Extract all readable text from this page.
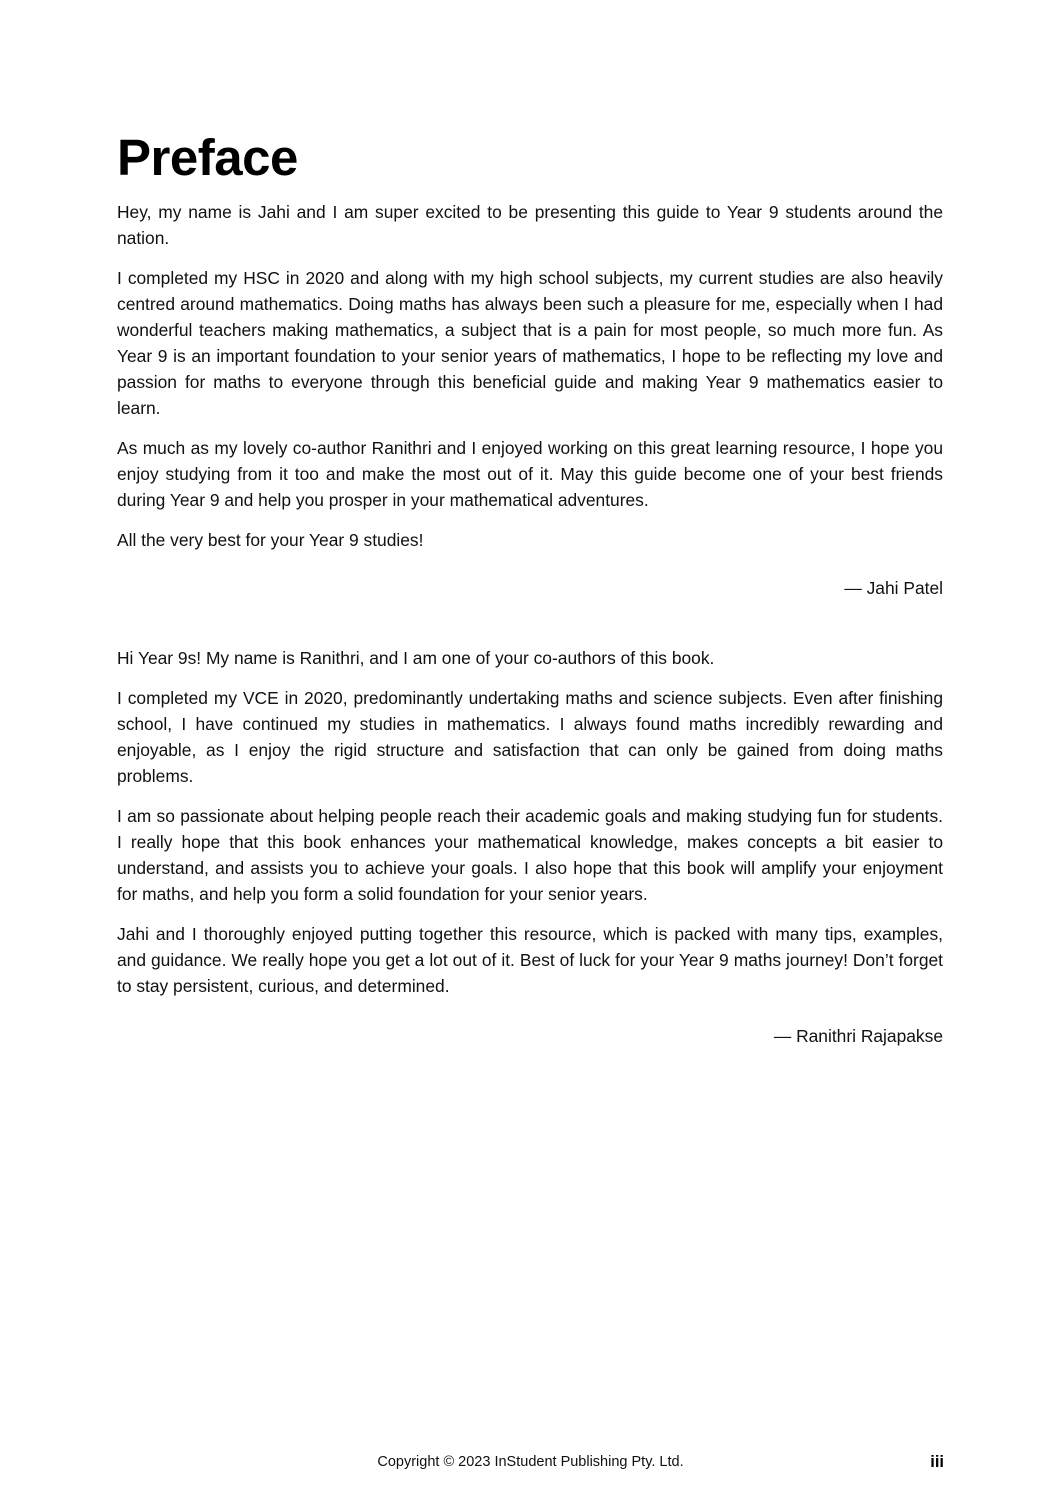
Preface

Hey, my name is Jahi and I am super excited to be presenting this guide to Year 9 students around the nation.

I completed my HSC in 2020 and along with my high school subjects, my current studies are also heavily centred around mathematics. Doing maths has always been such a pleasure for me, especially when I had wonderful teachers making mathematics, a subject that is a pain for most people, so much more fun. As Year 9 is an important foundation to your senior years of mathematics, I hope to be reflecting my love and passion for maths to everyone through this beneficial guide and making Year 9 mathematics easier to learn.

As much as my lovely co-author Ranithri and I enjoyed working on this great learning resource, I hope you enjoy studying from it too and make the most out of it. May this guide become one of your best friends during Year 9 and help you prosper in your mathematical adventures.

All the very best for your Year 9 studies!

— Jahi Patel

Hi Year 9s! My name is Ranithri, and I am one of your co-authors of this book.

I completed my VCE in 2020, predominantly undertaking maths and science subjects. Even after finishing school, I have continued my studies in mathematics. I always found maths incredibly rewarding and enjoyable, as I enjoy the rigid structure and satisfaction that can only be gained from doing maths problems.

I am so passionate about helping people reach their academic goals and making studying fun for students. I really hope that this book enhances your mathematical knowledge, makes concepts a bit easier to understand, and assists you to achieve your goals. I also hope that this book will amplify your enjoyment for maths, and help you form a solid foundation for your senior years.

Jahi and I thoroughly enjoyed putting together this resource, which is packed with many tips, examples, and guidance. We really hope you get a lot out of it. Best of luck for your Year 9 maths journey! Don’t forget to stay persistent, curious, and determined.

— Ranithri Rajapakse

Copyright © 2023 InStudent Publishing Pty. Ltd.	iii
